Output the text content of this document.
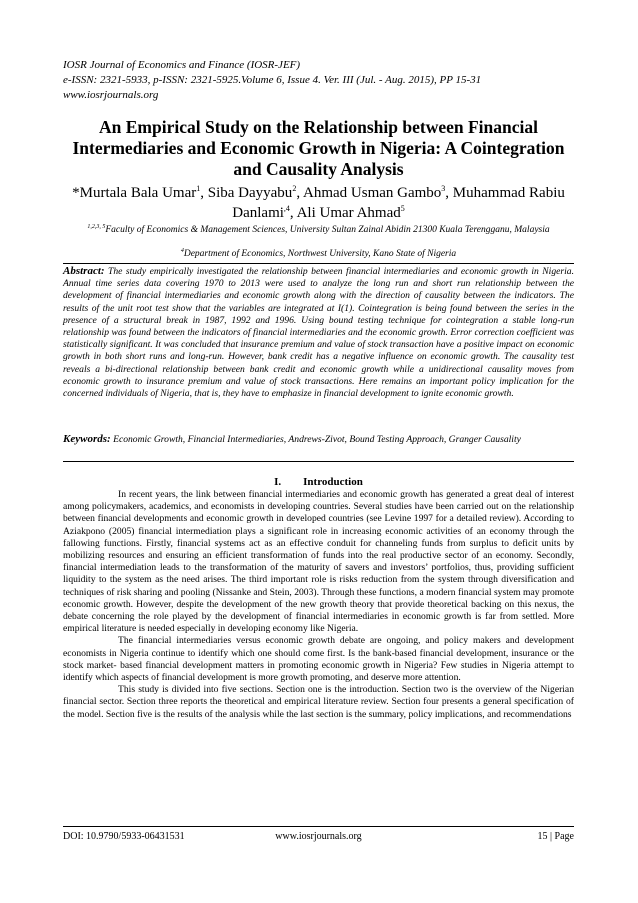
IOSR Journal of Economics and Finance (IOSR-JEF)
e-ISSN: 2321-5933, p-ISSN: 2321-5925.Volume 6, Issue 4. Ver. III (Jul. - Aug. 2015), PP 15-31
www.iosrjournals.org
An Empirical Study on the Relationship between Financial Intermediaries and Economic Growth in Nigeria: A Cointegration and Causality Analysis
*Murtala Bala Umar$^1$, Siba Dayyabu$^2$, Ahmad Usman Gambo$^3$, Muhammad Rabiu Danlami$^{,4}$, Ali Umar Ahmad$^5$
$^{1,2,3, 5}$Faculty of Economics & Management Sciences, University Sultan Zainal Abidin 21300 Kuala Terengganu, Malaysia
$^4$Department of Economics, Northwest University, Kano State of Nigeria
Abstract: The study empirically investigated the relationship between financial intermediaries and economic growth in Nigeria. Annual time series data covering 1970 to 2013 were used to analyze the long run and short run relationship between the development of financial intermediaries and economic growth along with the direction of causality between the indicators. The results of the unit root test show that the variables are integrated at I(1). Cointegration is being found between the series in the presence of a structural break in 1987, 1992 and 1996. Using bound testing technique for cointegration a stable long-run relationship was found between the indicators of financial intermediaries and the economic growth. Error correction coefficient was statistically significant. It was concluded that insurance premium and value of stock transaction have a positive impact on economic growth in both short runs and long-run. However, bank credit has a negative influence on economic growth. The causality test reveals a bi-directional relationship between bank credit and economic growth while a unidirectional causality moves from economic growth to insurance premium and value of stock transactions. Here remains an important policy implication for the concerned individuals of Nigeria, that is, they have to emphasize in financial development to ignite economic growth.
Keywords: Economic Growth, Financial Intermediaries, Andrews-Zivot, Bound Testing Approach, Granger Causality
I. Introduction

In recent years, the link between financial intermediaries and economic growth has generated a great deal of interest among policymakers, academics, and economists in developing countries. Several studies have been carried out on the relationship between financial developments and economic growth in developed countries (see Levine 1997 for a detailed review). According to Aziakpono (2005) financial intermediation plays a significant role in increasing economic activities of an economy through the fallowing functions. Firstly, financial systems act as an effective conduit for channeling funds from surplus to deficit units by mobilizing resources and ensuring an efficient transformation of funds into the real productive sector of an economy. Secondly, financial intermediation leads to the transformation of the maturity of savers and investors’ portfolios, thus, providing sufficient liquidity to the system as the need arises. The third important role is risks reduction from the system through diversification and techniques of risk sharing and pooling (Nissanke and Stein, 2003). Through these functions, a modern financial system may promote economic growth. However, despite the development of the new growth theory that provide theoretical backing on this nexus, the debate concerning the role played by the development of financial intermediaries in economic growth is far from settled. More empirical literature is needed especially in developing economy like Nigeria.

The financial intermediaries versus economic growth debate are ongoing, and policy makers and development economists in Nigeria continue to identify which one should come first. Is the bank-based financial development, insurance or the stock market- based financial development matters in promoting economic growth in Nigeria? Few studies in Nigeria attempt to identify which aspects of financial development is more growth promoting, and deserve more attention.

This study is divided into five sections. Section one is the introduction. Section two is the overview of the Nigerian financial sector. Section three reports the theoretical and empirical literature review. Section four presents a general specification of the model. Section five is the results of the analysis while the last section is the summary, policy implications, and recommendations

www.iosrjournals.org
DOI: 10.9790/5933-06431531	15 | Page
